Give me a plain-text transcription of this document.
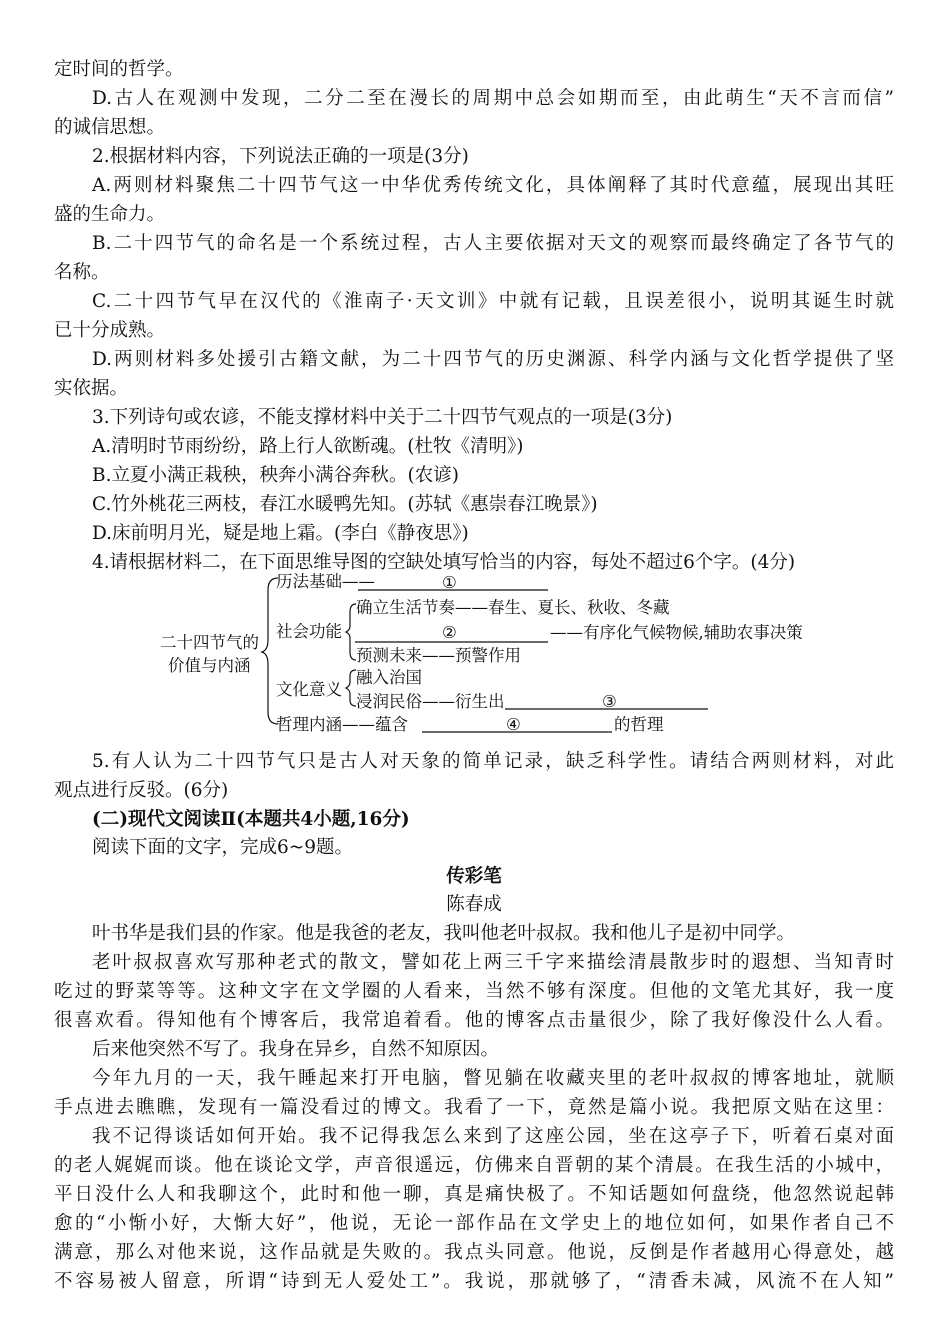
定时间的哲学。
D.古人在观测中发现，二分二至在漫长的周期中总会如期而至，由此萌生“天不言而信”
的诚信思想。
2.根据材料内容，下列说法正确的一项是(3分)
A.两则材料聚焦二十四节气这一中华优秀传统文化，具体阐释了其时代意蕴，展现出其旺
盛的生命力。
B.二十四节气的命名是一个系统过程，古人主要依据对天文的观察而最终确定了各节气的
名称。
C.二十四节气早在汉代的《淮南子·天文训》中就有记载，且误差很小，说明其诞生时就
已十分成熟。
D.两则材料多处援引古籍文献，为二十四节气的历史渊源、科学内涵与文化哲学提供了坚
实依据。
3.下列诗句或农谚，不能支撑材料中关于二十四节气观点的一项是(3分)
A.清明时节雨纷纷，路上行人欲断魂。(杜牧《清明》)
B.立夏小满正栽秧，秧奔小满谷奔秋。(农谚)
C.竹外桃花三两枝，春江水暖鸭先知。(苏轼《惠崇春江晚景》)
D.床前明月光，疑是地上霜。(李白《静夜思》)
4.请根据材料二，在下面思维导图的空缺处填写恰当的内容，每处不超过6个字。(4分)
二十四节气的
价值与内涵
历法基础——	①
社会功能
确立生活节奏——春生、夏长、秋收、冬藏
②	——有序化气候物候,辅助农事决策
预测未来——预警作用
文化意义
融入治国
浸润民俗——衍生出	③
哲理内涵——蕴含	④	的哲理
5.有人认为二十四节气只是古人对天象的简单记录，缺乏科学性。请结合两则材料，对此
观点进行反驳。(6分)
(二)现代文阅读Ⅱ(本题共4小题,16分)
阅读下面的文字，完成6~9题。
传彩笔
陈春成
叶书华是我们县的作家。他是我爸的老友，我叫他老叶叔叔。我和他儿子是初中同学。
老叶叔叔喜欢写那种老式的散文，譬如花上两三千字来描绘清晨散步时的遐想、当知青时
吃过的野菜等等。这种文字在文学圈的人看来，当然不够有深度。但他的文笔尤其好，我一度
很喜欢看。得知他有个博客后，我常追着看。他的博客点击量很少，除了我好像没什么人看。
后来他突然不写了。我身在异乡，自然不知原因。
今年九月的一天，我午睡起来打开电脑，瞥见躺在收藏夹里的老叶叔叔的博客地址，就顺
手点进去瞧瞧，发现有一篇没看过的博文。我看了一下，竟然是篇小说。我把原文贴在这里：
我不记得谈话如何开始。我不记得我怎么来到了这座公园，坐在这亭子下，听着石桌对面
的老人娓娓而谈。他在谈论文学，声音很遥远，仿佛来自晋朝的某个清晨。在我生活的小城中，
平日没什么人和我聊这个，此时和他一聊，真是痛快极了。不知话题如何盘绕，他忽然说起韩
愈的“小惭小好，大惭大好”，他说，无论一部作品在文学史上的地位如何，如果作者自己不
满意，那么对他来说，这作品就是失败的。我点头同意。他说，反倒是作者越用心得意处，越
不容易被人留意，所谓“诗到无人爱处工”。我说，那就够了，“清香未减，风流不在人知”
